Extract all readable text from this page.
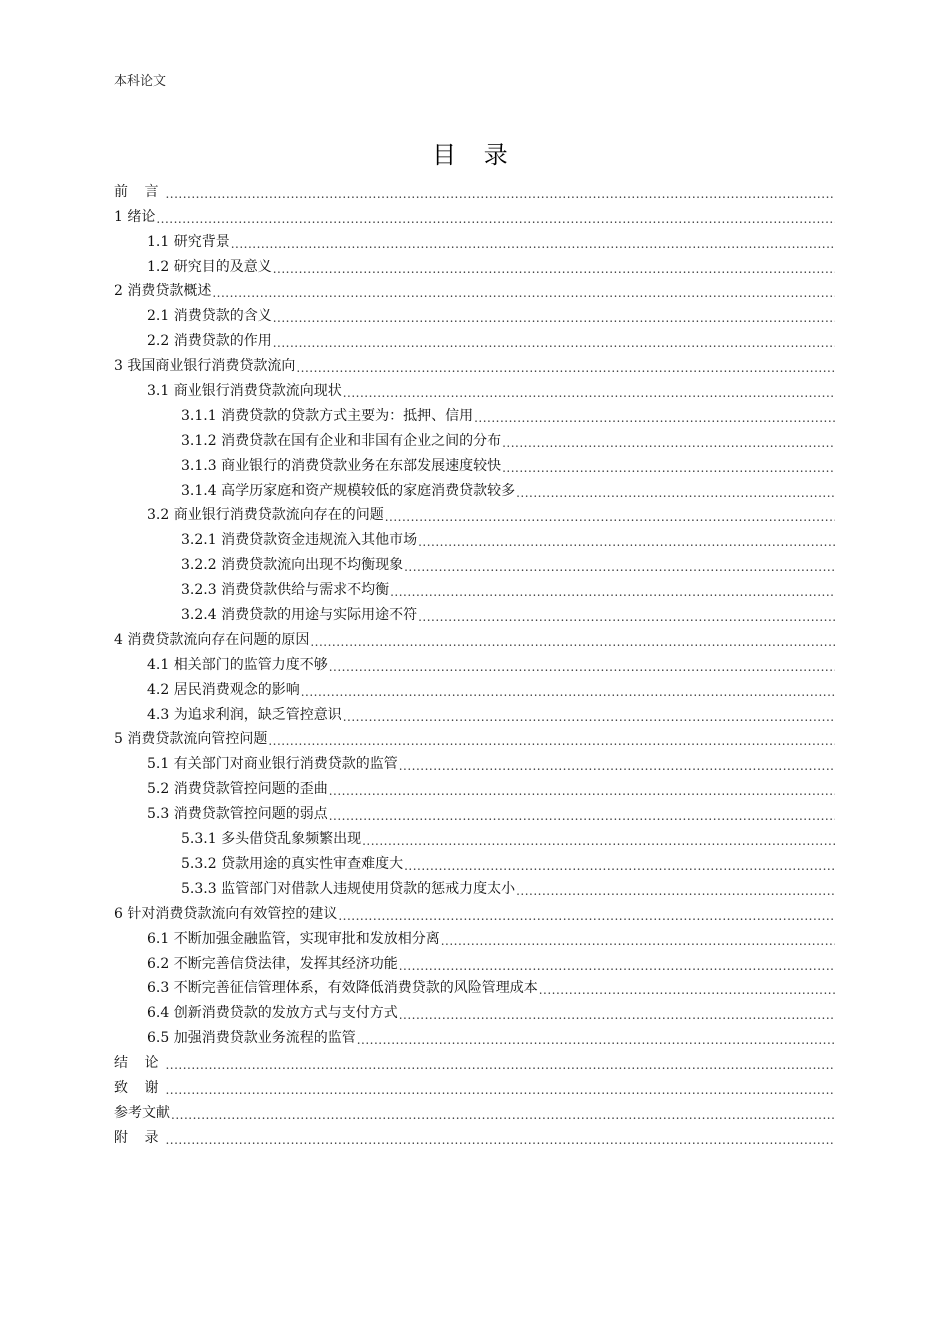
本科论文
目 录
前 言
.....
1 绪论
.....
1.1 研究背景
.....
1.2 研究目的及意义
.....
2 消费贷款概述
.....
2.1 消费贷款的含义
.....
2.2 消费贷款的作用
.....
3 我国商业银行消费贷款流向
.....
3.1 商业银行消费贷款流向现状
.....
3.1.1 消费贷款的贷款方式主要为：抵押、信用
.....
3.1.2 消费贷款在国有企业和非国有企业之间的分布
.....
3.1.3 商业银行的消费贷款业务在东部发展速度较快
.....
3.1.4 高学历家庭和资产规模较低的家庭消费贷款较多
.....
3.2 商业银行消费贷款流向存在的问题
.....
3.2.1 消费贷款资金违规流入其他市场
.....
3.2.2 消费贷款流向出现不均衡现象
.....
3.2.3 消费贷款供给与需求不均衡
.....
3.2.4 消费贷款的用途与实际用途不符
.....
4 消费贷款流向存在问题的原因
.....
4.1 相关部门的监管力度不够
.....
4.2 居民消费观念的影响
.....
4.3 为追求利润，缺乏管控意识
.....
5 消费贷款流向管控问题
.....
5.1 有关部门对商业银行消费贷款的监管
.....
5.2 消费贷款管控问题的歪曲
.....
5.3 消费贷款管控问题的弱点
.....
5.3.1 多头借贷乱象频繁出现
.....
5.3.2 贷款用途的真实性审查难度大
.....
5.3.3 监管部门对借款人违规使用贷款的惩戒力度太小
.....
6 针对消费贷款流向有效管控的建议
.....
6.1 不断加强金融监管，实现审批和发放相分离
.....
6.2 不断完善信贷法律，发挥其经济功能
.....
6.3 不断完善征信管理体系，有效降低消费贷款的风险管理成本
.....
6.4 创新消费贷款的发放方式与支付方式
.....
6.5 加强消费贷款业务流程的监管
.....
结 论
.....
致 谢
.....
参考文献
.....
附 录
.....
